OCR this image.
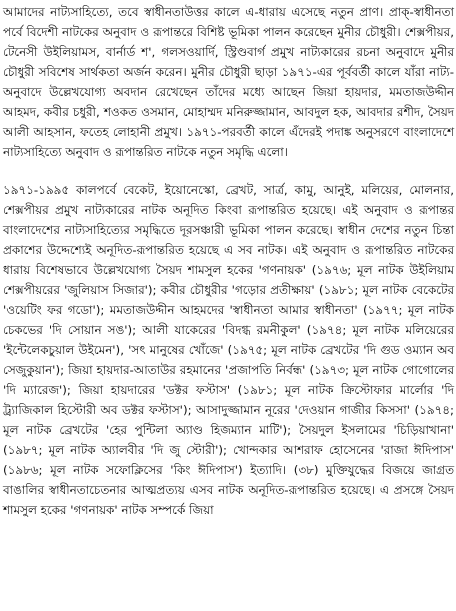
আমাদের নাট্যসাহিত্যে, তবে স্বাধীনতাউত্তর কালে এ-ধারায় এসেছে নতুন প্রাণ। প্রাক্-স্বাধীনতা পর্বে বিদেশী নাটকের অনুবাদ ও রূপান্তরে বিশিষ্ট ভূমিকা পালন করেছেন মুনীর চৌধুরী। শেক্সপীয়র, টেনেসী উইলিয়ামস, বার্নার্ড শ', গলসওয়ার্দি, স্ট্রিণ্ডবার্গ প্রমুখ নাট্যকারের রচনা অনুবাদে মুনীর চৌধুরী সবিশেষ সার্থকতা অর্জন করেন। মুনীর চৌধুরী ছাড়া ১৯৭১-এর পূর্ববর্তী কালে যাঁরা নাট্য-অনুবাদে উল্লেখযোগ্য অবদান রেখেছেন তাঁদের মধ্যে আছেন জিয়া হায়দার, মমতাজউদ্দীন আহমদ, কবীর চধুরী, শওকত ওসমান, মোহাম্মদ মনিরুজ্জামান, আবদুল হক, আবদার রশীদ, সৈয়দ আলী আহসান, ফতেহ লোহানী প্রমুখ। ১৯৭১-পরবর্তী কালে এঁদেরই পদাঙ্ক অনুসরণে বাংলাদেশে নাট্যসাহিত্যে অনুবাদ ও রূপান্তরিত নাটকে নতুন সমৃদ্ধি এলো।

১৯৭১-১৯৯৫ কালপর্বে বেকেট, ইয়োনেস্কো, ব্রেখট, সার্ত্র, কামু, আনুই, মলিয়ের, মোলনার, শেক্সপীয়র প্রমুখ নাট্যকারের নাটক অনূদিত কিংবা রূপান্তরিত হয়েছে। এই অনুবাদ ও রূপান্তর বাংলাদেশের নাট্যসাহিত্যের সমৃদ্ধিতে দূরসঞ্চারী ভূমিকা পালন করেছে। স্বাধীন দেশের নতুন চিন্তা প্রকাশের উদ্দেশ্যেই অনূদিত-রূপান্তরিত হয়েছে এ সব নাটক। এই অনুবাদ ও রূপান্তরিত নাটকের ধারায় বিশেষভাবে উল্লেখযোগ্য সৈয়দ শামসুল হকের 'গণনায়ক' (১৯৭৬; মূল নাটক উইলিয়াম শেক্সপীয়রের 'জুলিয়াস সিজার'); কবীর চৌধুরীর 'গড়োর প্রতীক্ষায়' (১৯৮১; মূল নাটক বেকেটের 'ওয়েটিং ফর গডো'); মমতাজউদ্দীন আহমদের 'স্বাধীনতা আমার স্বাধীনতা' (১৯৭৭; মূল নাটক চেকভের 'দি সোয়ান সঙ'); আলী যাকেরের 'বিদগ্ধ রমনীকুল' (১৯৭৪; মূল নাটক মলিয়েরের 'ইন্টেলেকচুয়াল উইমেন'), 'সৎ মানুষের খোঁজে' (১৯৭৫; মূল নাটক ব্রেখটের 'দি গুড ওম্যান অব সেজুকুয়ান'); জিয়া হায়দার-আতাউর রহমানের 'প্রজাপতি নির্বন্ধ' (১৯৭৩; মূল নাটক গোগোলের 'দি ম্যারেজ'); জিয়া হায়দারের 'ডক্টর ফস্টাস' (১৯৮১; মূল নাটক ক্রিস্টোফার মার্লোর 'দি ট্র্যাজিকাল হিস্টোরী অব ডক্টর ফস্টাস'); আসাদুজ্জামান নূরের 'দেওয়ান গাজীর কিসসা' (১৯৭৪; মূল নাটক ব্রেখটের 'হের পুন্টিলা অ্যাণ্ড হিজম্যান মাটি'); সৈয়দুল ইসলামের 'চিড়িয়াখানা' (১৯৮৭; মূল নাটক অ্যালবীর 'দি জু স্টোরী'); খোন্দকার আশরাফ হোসেনের 'রাজা ঈদিপাস' (১৯৮৬; মূল নাটক সফোক্লিসের 'কিং ঈদিপাস') ইত্যাদি। (৩৮) মুক্তিযুদ্ধের বিজয়ে জাগ্রত বাঙালির স্বাধীনতাচেতনার আত্মপ্রত্যয় এসব নাটক অনূদিত-রূপান্তরিত হয়েছে। এ প্রসঙ্গে সৈয়দ শামসুল হকের 'গণনায়ক' নাটক সম্পর্কে জিয়া
